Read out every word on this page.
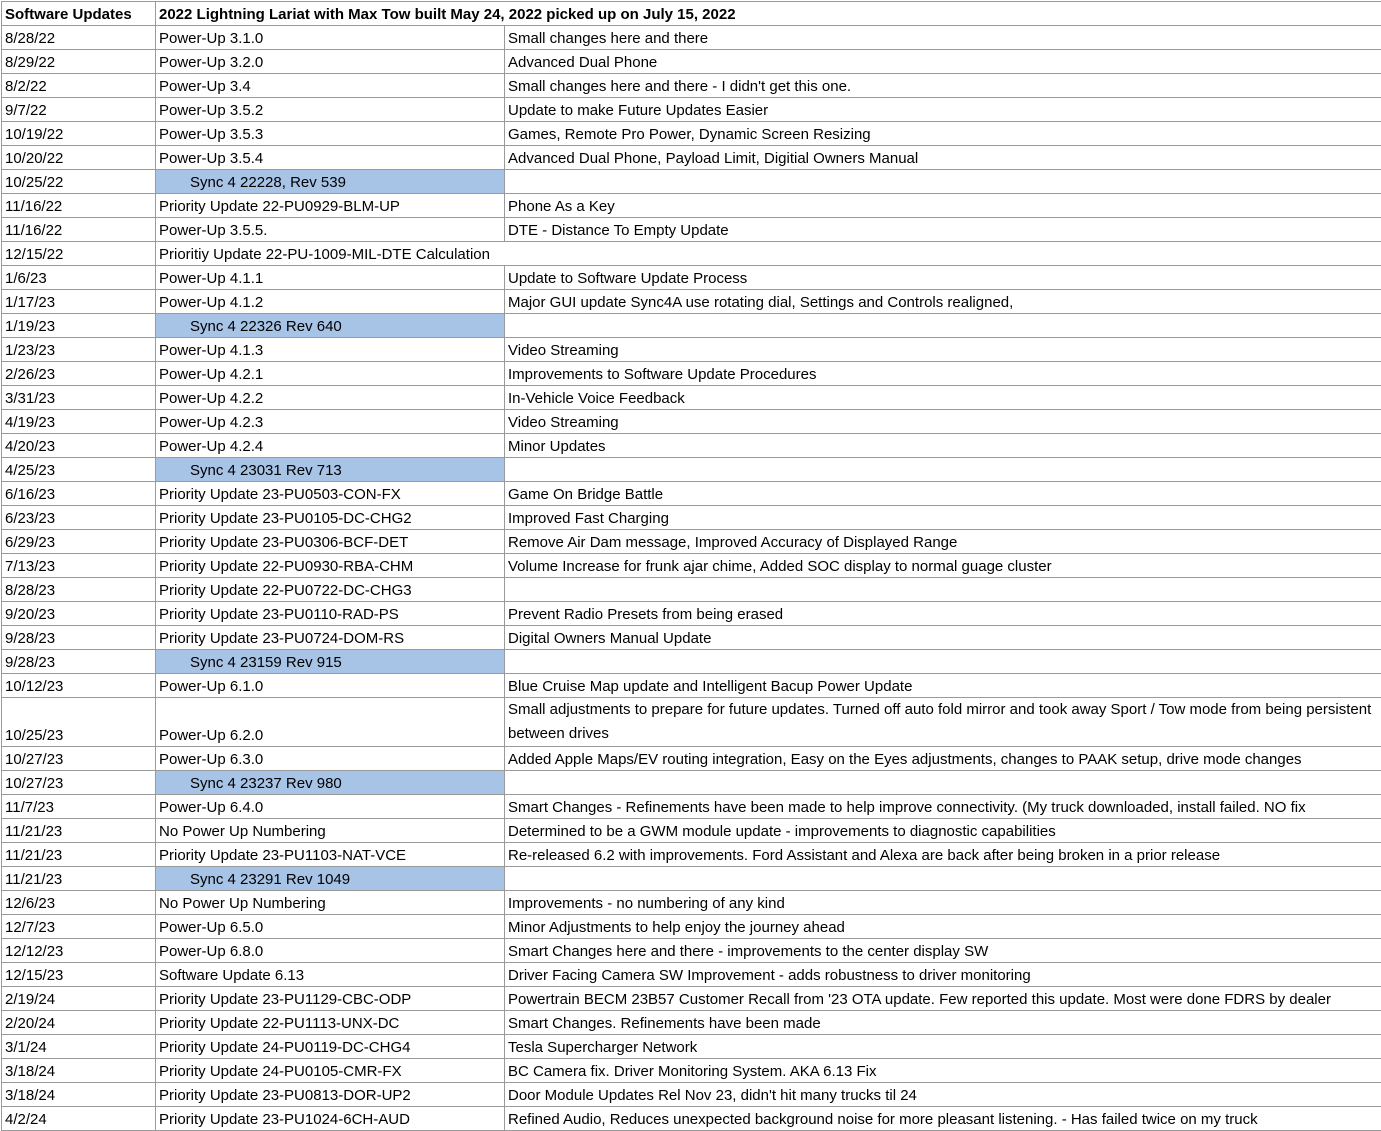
Software Updates	2022 Lightning Lariat with Max Tow built May 24, 2022 picked up on July 15, 2022	
8/28/22	Power-Up 3.1.0	Small changes here and there
8/29/22	Power-Up 3.2.0	Advanced Dual Phone
8/2/22	Power-Up 3.4	Small changes here and there - I didn't get this one.
9/7/22	Power-Up 3.5.2	Update to make Future Updates Easier
10/19/22	Power-Up 3.5.3	Games, Remote Pro Power, Dynamic Screen Resizing
10/20/22	Power-Up 3.5.4	Advanced Dual Phone, Payload Limit, Digitial Owners Manual
10/25/22	Sync 4 22228, Rev 539	
11/16/22	Priority Update 22-PU0929-BLM-UP	Phone As a Key
11/16/22	Power-Up 3.5.5.	DTE - Distance To Empty Update
12/15/22	Prioritiy Update 22-PU-1009-MIL-DTE Calculation	
1/6/23	Power-Up 4.1.1	Update to Software Update Process
1/17/23	Power-Up 4.1.2	Major GUI update Sync4A use rotating dial, Settings and Controls realigned,
1/19/23	Sync 4 22326 Rev 640	
1/23/23	Power-Up 4.1.3	Video Streaming
2/26/23	Power-Up 4.2.1	Improvements to Software Update Procedures
3/31/23	Power-Up 4.2.2	In-Vehicle Voice Feedback
4/19/23	Power-Up 4.2.3	Video Streaming
4/20/23	Power-Up 4.2.4	Minor Updates
4/25/23	Sync 4 23031 Rev 713	
6/16/23	Priority Update 23-PU0503-CON-FX	Game On Bridge Battle
6/23/23	Priority Update 23-PU0105-DC-CHG2	Improved Fast Charging
6/29/23	Priority Update 23-PU0306-BCF-DET	Remove Air Dam message, Improved Accuracy of Displayed Range
7/13/23	Priority Update 22-PU0930-RBA-CHM	Volume Increase for frunk ajar chime, Added SOC display to normal guage cluster
8/28/23	Priority Update 22-PU0722-DC-CHG3	
9/20/23	Priority Update 23-PU0110-RAD-PS	Prevent Radio Presets from being erased
9/28/23	Priority Update 23-PU0724-DOM-RS	Digital Owners Manual Update
9/28/23	Sync 4 23159 Rev 915	
10/12/23	Power-Up 6.1.0	Blue Cruise Map update and Intelligent Bacup Power Update
10/25/23	Power-Up 6.2.0	Small adjustments to prepare for future updates. Turned off auto fold mirror and took away Sport / Tow mode from being persistent between drives
10/27/23	Power-Up 6.3.0	Added Apple Maps/EV routing integration, Easy on the Eyes adjustments, changes to PAAK setup, drive mode changes
10/27/23	Sync 4 23237 Rev 980	
11/7/23	Power-Up 6.4.0	Smart Changes - Refinements have been made to help improve connectivity. (My truck downloaded, install failed. NO fix
11/21/23	No Power Up Numbering	Determined to be a GWM module update - improvements to diagnostic capabilities
11/21/23	Priority Update 23-PU1103-NAT-VCE	Re-released 6.2 with improvements. Ford Assistant and Alexa are back after being broken in a prior release
11/21/23	Sync 4 23291 Rev 1049	
12/6/23	No Power Up Numbering	Improvements - no numbering of any kind
12/7/23	Power-Up 6.5.0	Minor Adjustments to help enjoy the journey ahead
12/12/23	Power-Up 6.8.0	Smart Changes here and there - improvements to the center display SW
12/15/23	Software Update 6.13	Driver Facing Camera SW Improvement - adds robustness to driver monitoring
2/19/24	Priority Update 23-PU1129-CBC-ODP	Powertrain BECM 23B57 Customer Recall from '23 OTA update. Few reported this update. Most were done FDRS by dealer
2/20/24	Priority Update 22-PU1113-UNX-DC	Smart Changes. Refinements have been made
3/1/24	Priority Update 24-PU0119-DC-CHG4	Tesla Supercharger Network
3/18/24	Priority Update 24-PU0105-CMR-FX	BC Camera fix. Driver Monitoring System. AKA 6.13 Fix
3/18/24	Priority Update 23-PU0813-DOR-UP2	Door Module Updates Rel Nov 23, didn't hit many trucks til 24
4/2/24	Priority Update 23-PU1024-6CH-AUD	Refined Audio, Reduces unexpected background noise for more pleasant listening. - Has failed twice on my truck
